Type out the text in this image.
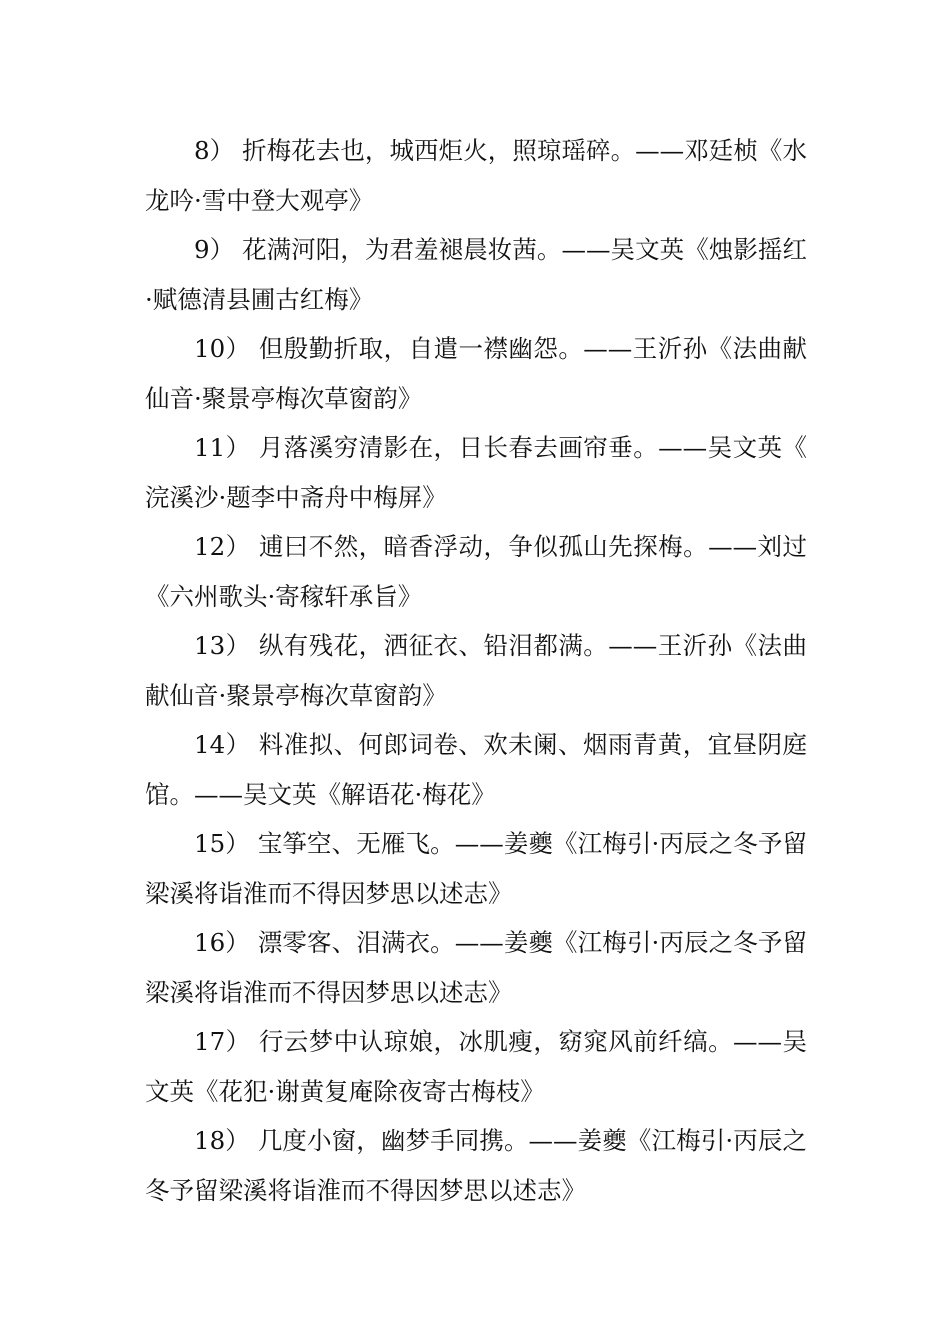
8） 折梅花去也，城西炬火，照琼瑶碎。——邓廷桢《水龙吟·雪中登大观亭》

9） 花满河阳，为君羞褪晨妆茜。——吴文英《烛影摇红·赋德清县圃古红梅》

10） 但殷勤折取，自遣一襟幽怨。——王沂孙《法曲献仙音·聚景亭梅次草窗韵》

11） 月落溪穷清影在，日长春去画帘垂。——吴文英《浣溪沙·题李中斋舟中梅屏》

12） 逋曰不然，暗香浮动，争似孤山先探梅。——刘过《六州歌头·寄稼轩承旨》

13） 纵有残花，洒征衣、铅泪都满。——王沂孙《法曲献仙音·聚景亭梅次草窗韵》

14） 料准拟、何郎词卷、欢未阑、烟雨青黄，宜昼阴庭馆。——吴文英《解语花·梅花》

15） 宝筝空、无雁飞。——姜夔《江梅引·丙辰之冬予留梁溪将诣淮而不得因梦思以述志》

16） 漂零客、泪满衣。——姜夔《江梅引·丙辰之冬予留梁溪将诣淮而不得因梦思以述志》

17） 行云梦中认琼娘，冰肌瘦，窈窕风前纤缟。——吴文英《花犯·谢黄复庵除夜寄古梅枝》

18） 几度小窗，幽梦手同携。——姜夔《江梅引·丙辰之冬予留梁溪将诣淮而不得因梦思以述志》
